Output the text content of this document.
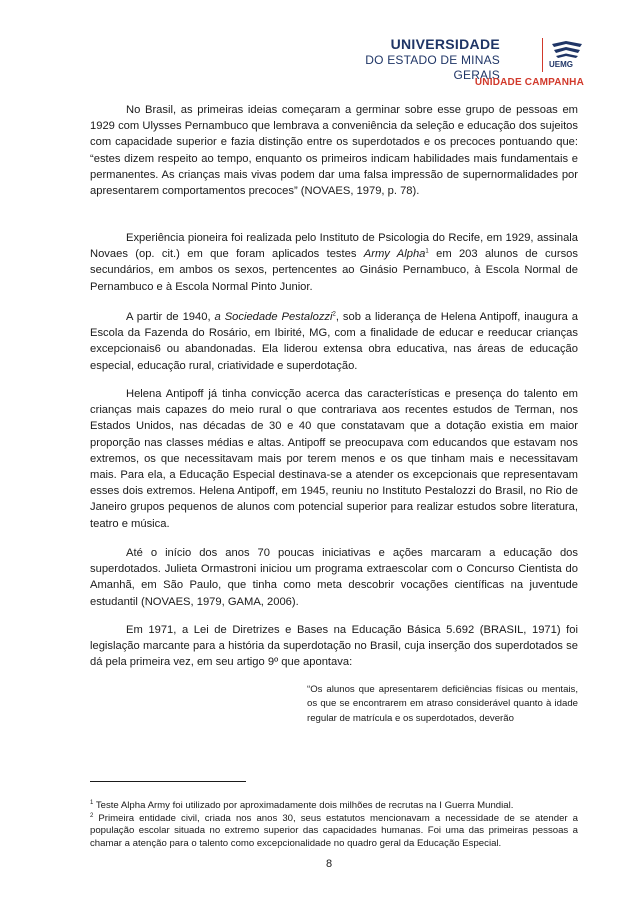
UNIVERSIDADE
DO ESTADO DE MINAS GERAIS
UEMG
UNIDADE CAMPANHA

No Brasil, as primeiras ideias começaram a germinar sobre esse grupo de pessoas em 1929 com Ulysses Pernambuco que lembrava a conveniência da seleção e educação dos sujeitos com capacidade superior e fazia distinção entre os superdotados e os precoces pontuando que: “estes dizem respeito ao tempo, enquanto os primeiros indicam habilidades mais fundamentais e permanentes. As crianças mais vivas podem dar uma falsa impressão de supernormalidades por apresentarem comportamentos precoces” (NOVAES, 1979, p. 78).

Experiência pioneira foi realizada pelo Instituto de Psicologia do Recife, em 1929, assinala Novaes (op. cit.) em que foram aplicados testes Army Alpha$^1$ em 203 alunos de cursos secundários, em ambos os sexos, pertencentes ao Ginásio Pernambuco, à Escola Normal de Pernambuco e à Escola Normal Pinto Junior.

A partir de 1940, a Sociedade Pestalozzi$^2$, sob a liderança de Helena Antipoff, inaugura a Escola da Fazenda do Rosário, em Ibirité, MG, com a finalidade de educar e reeducar crianças excepcionais6 ou abandonadas. Ela liderou extensa obra educativa, nas áreas de educação especial, educação rural, criatividade e superdotação.

Helena Antipoff já tinha convicção acerca das características e presença do talento em crianças mais capazes do meio rural o que contrariava aos recentes estudos de Terman, nos Estados Unidos, nas décadas de 30 e 40 que constatavam que a dotação existia em maior proporção nas classes médias e altas. Antipoff se preocupava com educandos que estavam nos extremos, os que necessitavam mais por terem menos e os que tinham mais e necessitavam mais. Para ela, a Educação Especial destinava-se a atender os excepcionais que representavam esses dois extremos. Helena Antipoff, em 1945, reuniu no Instituto Pestalozzi do Brasil, no Rio de Janeiro grupos pequenos de alunos com potencial superior para realizar estudos sobre literatura, teatro e música.

Até o início dos anos 70 poucas iniciativas e ações marcaram a educação dos superdotados. Julieta Ormastroni iniciou um programa extraescolar com o Concurso Cientista do Amanhã, em São Paulo, que tinha como meta descobrir vocações científicas na juventude estudantil (NOVAES, 1979, GAMA, 2006).

Em 1971, a Lei de Diretrizes e Bases na Educação Básica 5.692 (BRASIL, 1971) foi legislação marcante para a história da superdotação no Brasil, cuja inserção dos superdotados se dá pela primeira vez, em seu artigo 9º que apontava:

“Os alunos que apresentarem deficiências físicas ou mentais, os que se encontrarem em atraso considerável quanto à idade regular de matrícula e os superdotados, deverão

$^1$ Teste Alpha Army foi utilizado por aproximadamente dois milhões de recrutas na I Guerra Mundial.

$^2$ Primeira entidade civil, criada nos anos 30, seus estatutos mencionavam a necessidade de se atender a população escolar situada no extremo superior das capacidades humanas. Foi uma das primeiras pessoas a chamar a atenção para o talento como excepcionalidade no quadro geral da Educação Especial.

8
